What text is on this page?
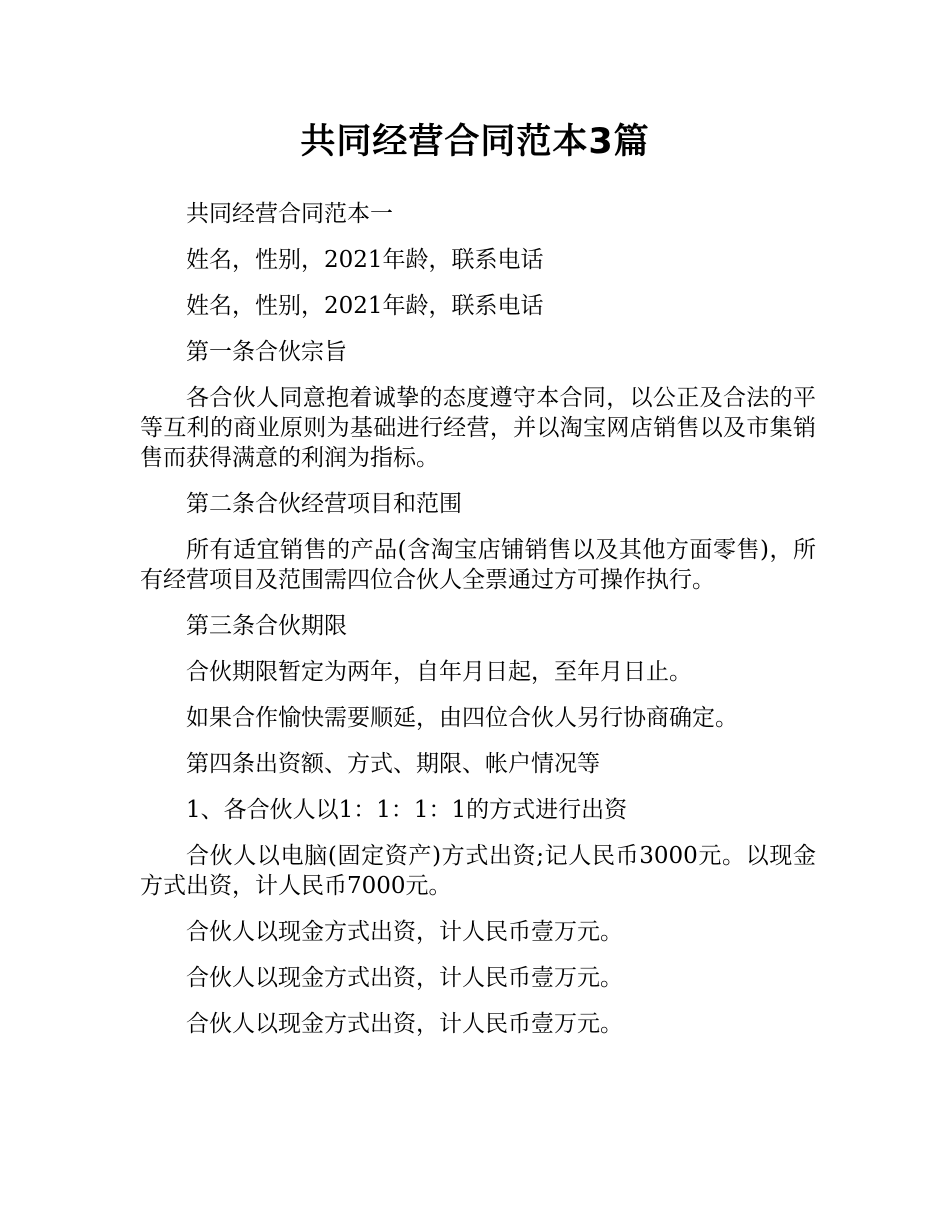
共同经营合同范本3篇

共同经营合同范本一

姓名，性别，2021年龄，联系电话

姓名，性别，2021年龄，联系电话

第一条合伙宗旨

各合伙人同意抱着诚挚的态度遵守本合同，以公正及合法的平等互利的商业原则为基础进行经营，并以淘宝网店销售以及市集销售而获得满意的利润为指标。

第二条合伙经营项目和范围

所有适宜销售的产品(含淘宝店铺销售以及其他方面零售)，所有经营项目及范围需四位合伙人全票通过方可操作执行。

第三条合伙期限

合伙期限暂定为两年，自年月日起，至年月日止。

如果合作愉快需要顺延，由四位合伙人另行协商确定。

第四条出资额、方式、期限、帐户情况等

1、各合伙人以1：1：1：1的方式进行出资

合伙人以电脑(固定资产)方式出资;记人民币3000元。以现金方式出资，计人民币7000元。

合伙人以现金方式出资，计人民币壹万元。

合伙人以现金方式出资，计人民币壹万元。

合伙人以现金方式出资，计人民币壹万元。
